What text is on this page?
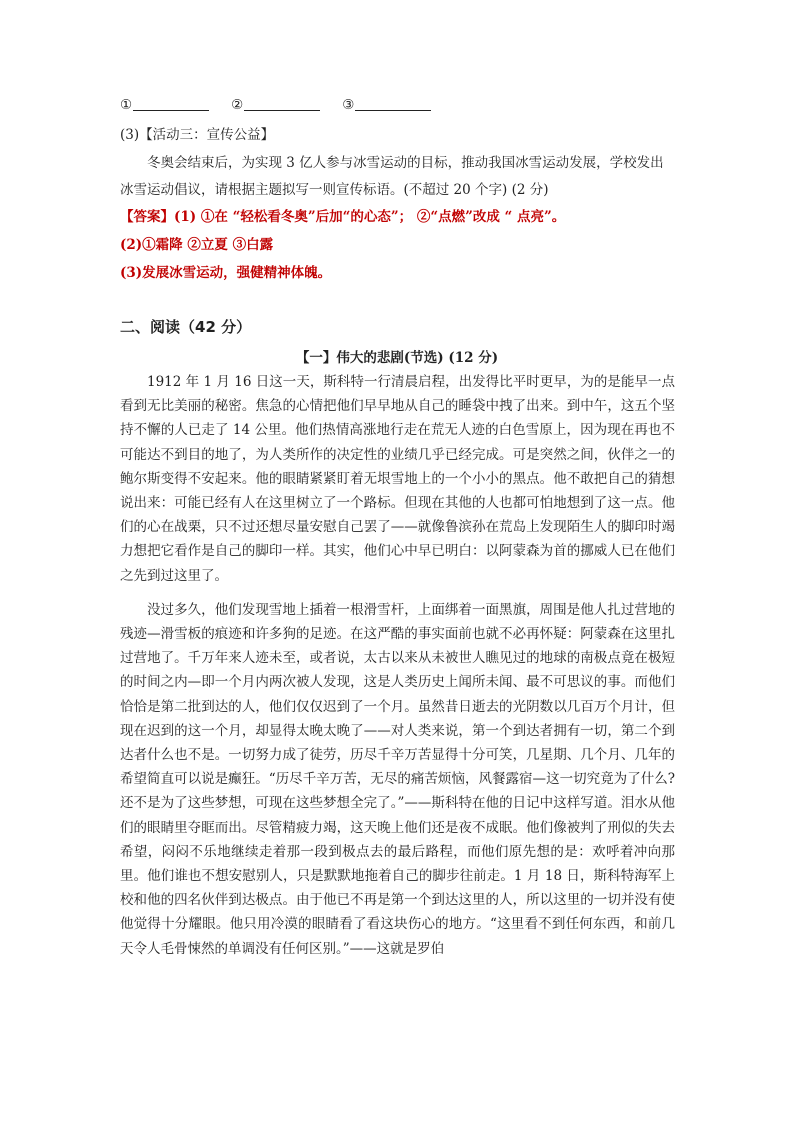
①	②	③
(3)【活动三：宣传公益】
冬奥会结束后，为实现 3 亿人参与冰雪运动的目标，推动我国冰雪运动发展，学校发出
冰雪运动倡议，请根据主题拟写一则宣传标语。(不超过 20 个字) (2 分)
【答案】(1) ①在 “轻松看冬奥”后加“的心态”； ②“点燃”改成 “ 点亮”。
(2)①霜降 ②立夏 ③白露
(3)发展冰雪运动，强健精神体魄。
二、阅读（42 分）
【一】伟大的悲剧(节选) (12 分)

1912 年 1 月 16 日这一天，斯科特一行清晨启程，出发得比平时更早，为的是能早一点看到无比美丽的秘密。焦急的心情把他们早早地从自己的睡袋中拽了出来。到中午，这五个坚持不懈的人已走了 14 公里。他们热情高涨地行走在荒无人迹的白色雪原上，因为现在再也不可能达不到目的地了，为人类所作的决定性的业绩几乎已经完成。可是突然之间，伙伴之一的鲍尔斯变得不安起来。他的眼睛紧紧盯着无垠雪地上的一个小小的黑点。他不敢把自己的猜想说出来：可能已经有人在这里树立了一个路标。但现在其他的人也都可怕地想到了这一点。他们的心在战栗，只不过还想尽量安慰自己罢了——就像鲁滨孙在荒岛上发现陌生人的脚印时竭力想把它看作是自己的脚印一样。其实，他们心中早已明白：以阿蒙森为首的挪威人已在他们之先到过这里了。

没过多久，他们发现雪地上插着一根滑雪杆，上面绑着一面黑旗，周围是他人扎过营地的残迹—滑雪板的痕迹和许多狗的足迹。在这严酷的事实面前也就不必再怀疑：阿蒙森在这里扎过营地了。千万年来人迹未至，或者说，太古以来从未被世人瞧见过的地球的南极点竟在极短的时间之内—即一个月内两次被人发现，这是人类历史上闻所未闻、最不可思议的事。而他们恰恰是第二批到达的人，他们仅仅迟到了一个月。虽然昔日逝去的光阴数以几百万个月计，但现在迟到的这一个月，却显得太晚太晚了——对人类来说，第一个到达者拥有一切，第二个到达者什么也不是。一切努力成了徒劳，历尽千辛万苦显得十分可笑，几星期、几个月、几年的希望简直可以说是癫狂。“历尽千辛万苦，无尽的痛苦烦恼，风餐露宿—这一切究竟为了什么?还不是为了这些梦想，可现在这些梦想全完了。”——斯科特在他的日记中这样写道。泪水从他们的眼睛里夺眶而出。尽管精疲力竭，这天晚上他们还是夜不成眠。他们像被判了刑似的失去希望，闷闷不乐地继续走着那一段到极点去的最后路程，而他们原先想的是：欢呼着冲向那里。他们谁也不想安慰别人，只是默默地拖着自己的脚步往前走。1 月 18 日，斯科特海军上校和他的四名伙伴到达极点。由于他已不再是第一个到达这里的人，所以这里的一切并没有使他觉得十分耀眼。他只用冷漠的眼睛看了看这块伤心的地方。“这里看不到任何东西，和前几天令人毛骨悚然的单调没有任何区别。”——这就是罗伯
